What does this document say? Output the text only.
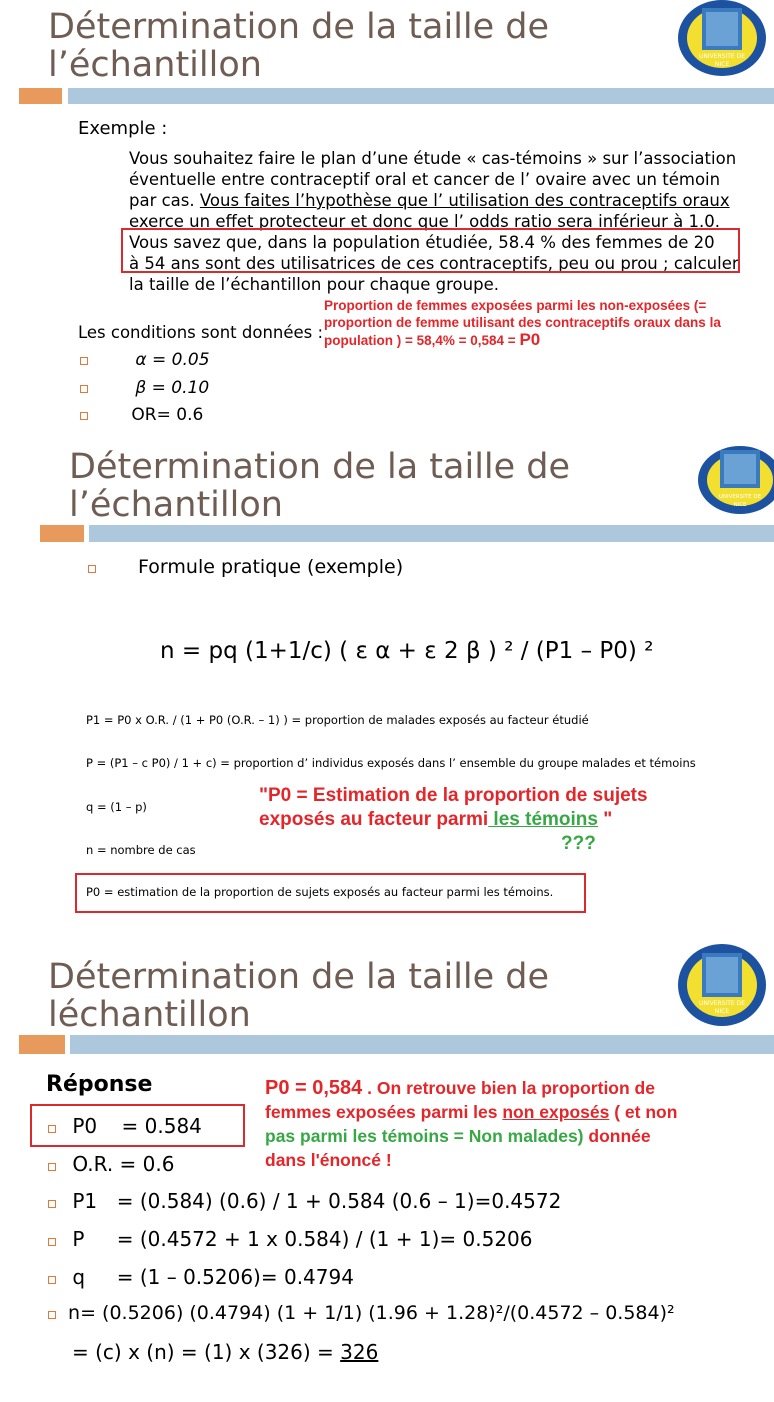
Détermination de la taille de
l’échantillon	UNIVERSITE DE
NICE
Exemple :
Vous souhaitez faire le plan d’une étude « cas-témoins » sur l’association
éventuelle entre contraceptif oral et cancer de l’ ovaire avec un témoin
par cas. Vous faites l’hypothèse que l’ utilisation des contraceptifs oraux
exerce un effet protecteur et donc que l’ odds ratio sera inférieur à 1.0.
Vous savez que, dans la population étudiée, 58.4 % des femmes de 20
à 54 ans sont des utilisatrices de ces contraceptifs, peu ou prou ; calculer
la taille de l’échantillon pour chaque groupe.
Proportion de femmes exposées parmi les non-exposées (=
proportion de femme utilisant des contraceptifs oraux dans la
population ) = 58,4% = 0,584 = P0
Les conditions sont données :
α = 0.05
β = 0.10
OR= 0.6
Détermination de la taille de
l’échantillon	UNIVERSITE DE
NICE
Formule pratique (exemple)
n = pq (1+1/c) ( ε α + ε 2 β ) ² / (P1 – P0) ²
P1 = P0 x O.R. / (1 + P0 (O.R. – 1) ) = proportion de malades exposés au facteur étudié
P = (P1 – c P0) / 1 + c) = proportion d’ individus exposés dans l’ ensemble du groupe malades et témoins
q = (1 – p)
n = nombre de cas
P0 = estimation de la proportion de sujets exposés au facteur parmi les témoins.
"P0 = Estimation de la proportion de sujets
exposés au facteur parmi les témoins "
???
Détermination de la taille de
léchantillon	UNIVERSITE DE
NICE
Réponse	P0 = 0,584 . On retrouve bien la proportion de
femmes exposées parmi les non exposés ( et non
pas parmi les témoins = Non malades) donnée
dans l'énoncé !
P0 = 0.584
O.R. = 0.6
P1 = (0.584) (0.6) / 1 + 0.584 (0.6 – 1)=0.4572
P = (0.4572 + 1 x 0.584) / (1 + 1)= 0.5206
q = (1 – 0.5206)= 0.4794
n= (0.5206) (0.4794) (1 + 1/1) (1.96 + 1.28)²/(0.4572 – 0.584)²
= (c) x (n) = (1) x (326) = 326
